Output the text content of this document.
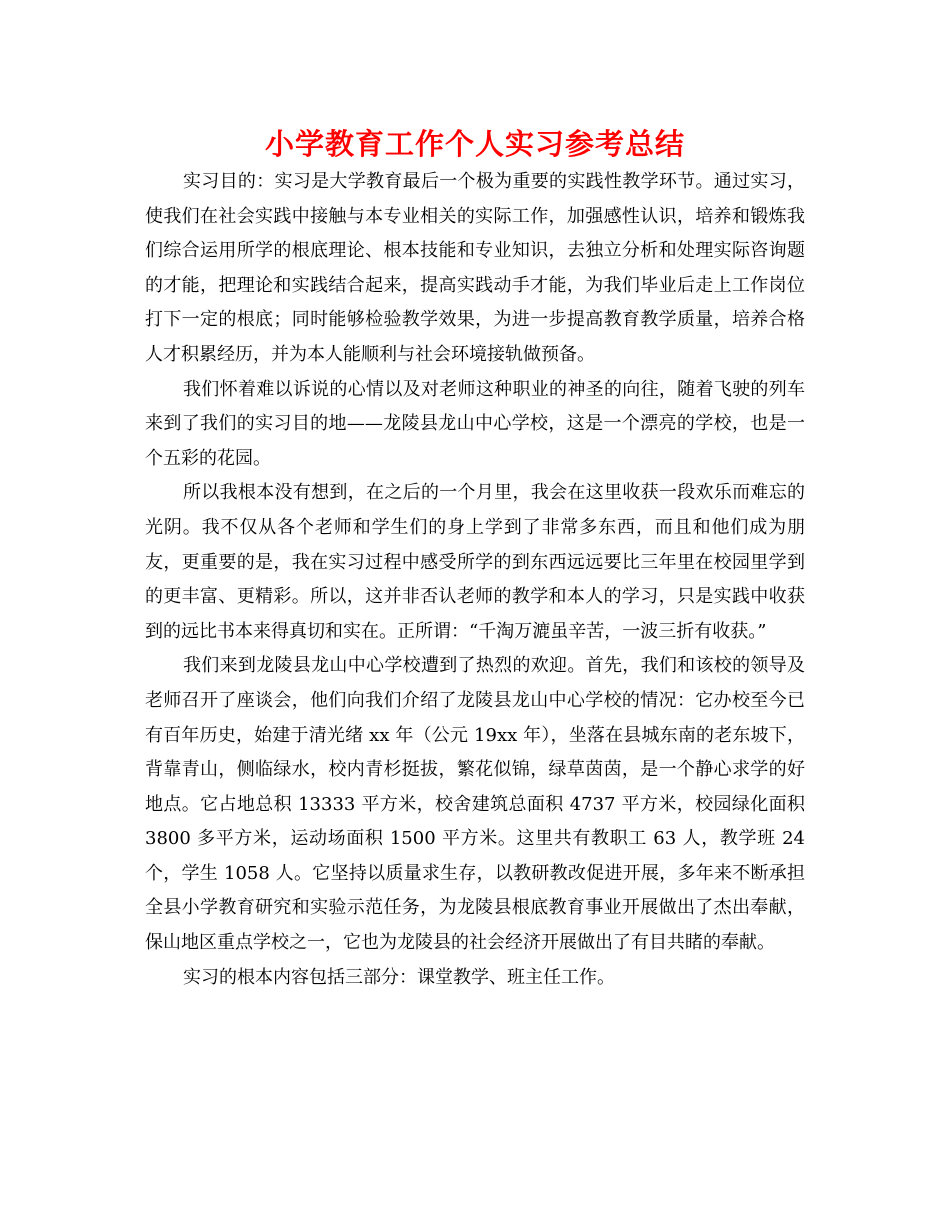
小学教育工作个人实习参考总结

实习目的：实习是大学教育最后一个极为重要的实践性教学环节。通过实习，使我们在社会实践中接触与本专业相关的实际工作，加强感性认识，培养和锻炼我们综合运用所学的根底理论、根本技能和专业知识，去独立分析和处理实际咨询题的才能，把理论和实践结合起来，提高实践动手才能，为我们毕业后走上工作岗位打下一定的根底；同时能够检验教学效果，为进一步提高教育教学质量，培养合格人才积累经历，并为本人能顺利与社会环境接轨做预备。

我们怀着难以诉说的心情以及对老师这种职业的神圣的向往，随着飞驶的列车来到了我们的实习目的地——龙陵县龙山中心学校，这是一个漂亮的学校，也是一个五彩的花园。

所以我根本没有想到，在之后的一个月里，我会在这里收获一段欢乐而难忘的光阴。我不仅从各个老师和学生们的身上学到了非常多东西，而且和他们成为朋友，更重要的是，我在实习过程中感受所学的到东西远远要比三年里在校园里学到的更丰富、更精彩。所以，这并非否认老师的教学和本人的学习，只是实践中收获到的远比书本来得真切和实在。正所谓：“千淘万漉虽辛苦，一波三折有收获。”

我们来到龙陵县龙山中心学校遭到了热烈的欢迎。首先，我们和该校的领导及老师召开了座谈会，他们向我们介绍了龙陵县龙山中心学校的情况：它办校至今已有百年历史，始建于清光绪 xx 年（公元 19xx 年），坐落在县城东南的老东坡下，背靠青山，侧临绿水，校内青杉挺拔，繁花似锦，绿草茵茵，是一个静心求学的好地点。它占地总积 13333 平方米，校舍建筑总面积 4737 平方米，校园绿化面积 3800 多平方米，运动场面积 1500 平方米。这里共有教职工 63 人，教学班 24 个，学生 1058 人。它坚持以质量求生存，以教研教改促进开展，多年来不断承担全县小学教育研究和实验示范任务，为龙陵县根底教育事业开展做出了杰出奉献，保山地区重点学校之一，它也为龙陵县的社会经济开展做出了有目共睹的奉献。

实习的根本内容包括三部分：课堂教学、班主任工作。
